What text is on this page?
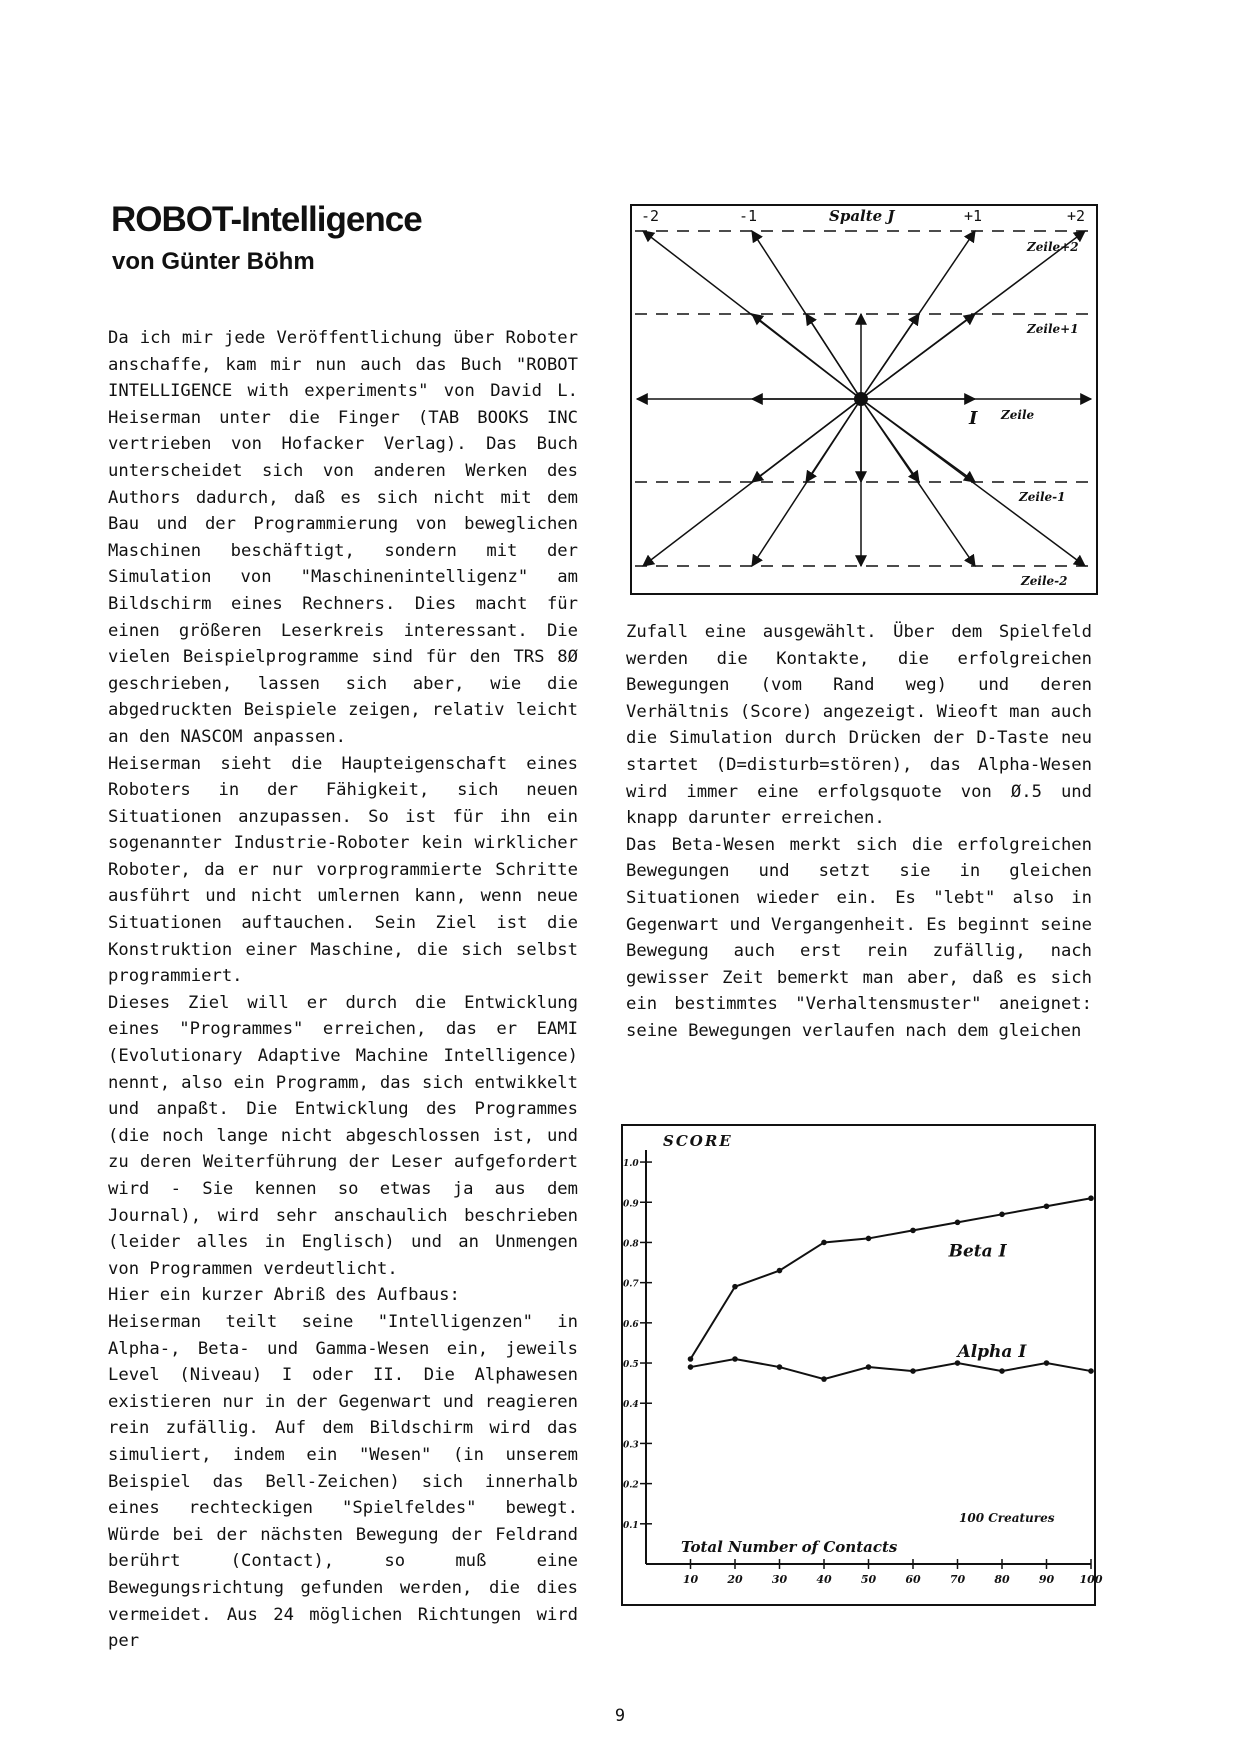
ROBOT-Intelligence
von Günter Böhm

Da ich mir jede Veröffentlichung über Roboter anschaffe, kam mir nun auch das Buch "ROBOT INTELLIGENCE with experiments" von David L. Heiserman unter die Finger (TAB BOOKS INC vertrieben von Hofacker Verlag). Das Buch unterscheidet sich von anderen Werken des Authors dadurch, daß es sich nicht mit dem Bau und der Programmierung von beweglichen Maschinen beschäftigt, sondern mit der Simulation von "Maschinenintelligenz" am Bildschirm eines Rechners. Dies macht für einen größeren Leserkreis interessant. Die vielen Beispielprogramme sind für den TRS 8Ø geschrieben, lassen sich aber, wie die abgedruckten Beispiele zeigen, relativ leicht an den NASCOM anpassen.

Heiserman sieht die Haupteigenschaft eines Roboters in der Fähigkeit, sich neuen Situationen anzupassen. So ist für ihn ein sogenannter Industrie-Roboter kein wirklicher Roboter, da er nur vorprogrammierte Schritte ausführt und nicht umlernen kann, wenn neue Situationen auftauchen. Sein Ziel ist die Konstruktion einer Maschine, die sich selbst programmiert.

Dieses Ziel will er durch die Entwicklung eines "Programmes" erreichen, das er EAMI (Evolutionary Adaptive Machine Intelligence) nennt, also ein Programm, das sich entwikkelt und anpaßt. Die Entwicklung des Programmes (die noch lange nicht abgeschlossen ist, und zu deren Weiterführung der Leser aufgefordert wird - Sie kennen so etwas ja aus dem Journal), wird sehr anschaulich beschrieben (leider alles in Englisch) und an Unmengen von Programmen verdeutlicht.

Hier ein kurzer Abriß des Aufbaus:

Heiserman teilt seine "Intelligenzen" in Alpha-, Beta- und Gamma-Wesen ein, jeweils Level (Niveau) I oder II. Die Alphawesen existieren nur in der Gegenwart und reagieren rein zufällig. Auf dem Bildschirm wird das simuliert, indem ein "Wesen" (in unserem Beispiel das Bell-Zeichen) sich innerhalb eines rechteckigen "Spielfeldes" bewegt. Würde bei der nächsten Bewegung der Feldrand berührt (Contact), so muß eine Bewegungsrichtung gefunden werden, die dies vermeidet. Aus 24 möglichen Richtungen wird per

Zufall eine ausgewählt. Über dem Spielfeld werden die Kontakte, die erfolgreichen Bewegungen (vom Rand weg) und deren Verhältnis (Score) angezeigt. Wieoft man auch die Simulation durch Drücken der D-Taste neu startet (D=disturb=stören), das Alpha-Wesen wird immer eine erfolgsquote von Ø.5 und knapp darunter erreichen.

Das Beta-Wesen merkt sich die erfolgreichen Bewegungen und setzt sie in gleichen Situationen wieder ein. Es "lebt" also in Gegenwart und Vergangenheit. Es beginnt seine Bewegung auch erst rein zufällig, nach gewisser Zeit bemerkt man aber, daß es sich ein bestimmtes "Verhaltensmuster" aneignet: seine Bewegungen verlaufen nach dem gleichen

-2	-1	Spalte J	+1	+2
Zeile+2
Zeile+1
Zeile
Zeile-1
Zeile-2
I
SCORE
Total Number of Contacts
100 Creatures
0.1
0.2
0.3
0.4
0.5
0.6
0.7
0.8
0.9
1.0
10	20	30	40	50	60	70	80	90 100
Beta I
Alpha I
9
